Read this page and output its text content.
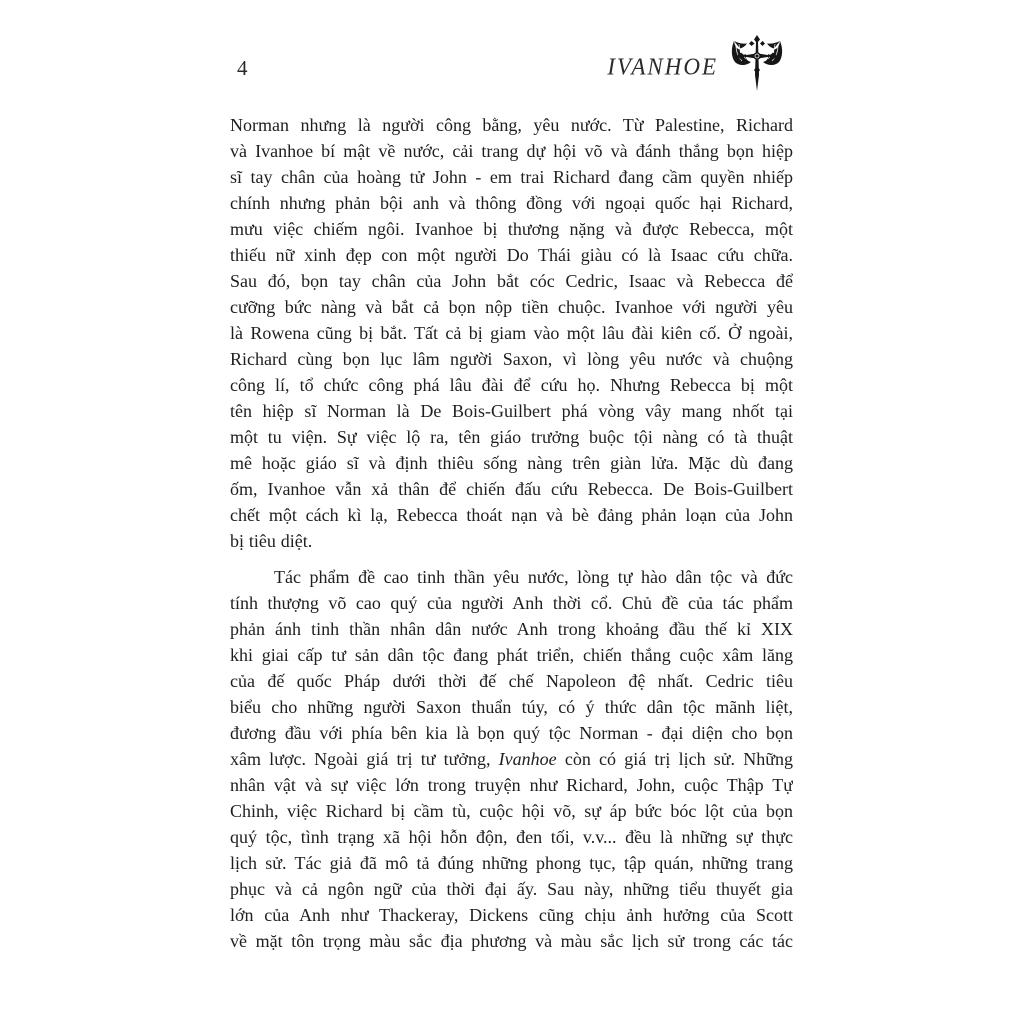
4	IVANHOE
Norman nhưng là người công bằng, yêu nước. Từ Palestine, Richard
và Ivanhoe bí mật về nước, cải trang dự hội võ và đánh thắng bọn hiệp
sĩ tay chân của hoàng tử John - em trai Richard đang cầm quyền nhiếp
chính nhưng phản bội anh và thông đồng với ngoại quốc hại Richard,
mưu việc chiếm ngôi. Ivanhoe bị thương nặng và được Rebecca, một
thiếu nữ xinh đẹp con một người Do Thái giàu có là Isaac cứu chữa.
Sau đó, bọn tay chân của John bắt cóc Cedric, Isaac và Rebecca để
cưỡng bức nàng và bắt cả bọn nộp tiền chuộc. Ivanhoe với người yêu
là Rowena cũng bị bắt. Tất cả bị giam vào một lâu đài kiên cố. Ở ngoài,
Richard cùng bọn lục lâm người Saxon, vì lòng yêu nước và chuộng
công lí, tổ chức công phá lâu đài để cứu họ. Nhưng Rebecca bị một
tên hiệp sĩ Norman là De Bois-Guilbert phá vòng vây mang nhốt tại
một tu viện. Sự việc lộ ra, tên giáo trưởng buộc tội nàng có tà thuật
mê hoặc giáo sĩ và định thiêu sống nàng trên giàn lửa. Mặc dù đang
ốm, Ivanhoe vẫn xả thân để chiến đấu cứu Rebecca. De Bois-Guilbert
chết một cách kì lạ, Rebecca thoát nạn và bè đảng phản loạn của John
bị tiêu diệt.
Tác phẩm đề cao tinh thần yêu nước, lòng tự hào dân tộc và đức
tính thượng võ cao quý của người Anh thời cổ. Chủ đề của tác phẩm
phản ánh tinh thần nhân dân nước Anh trong khoảng đầu thế kỉ XIX
khi giai cấp tư sản dân tộc đang phát triển, chiến thắng cuộc xâm lăng
của đế quốc Pháp dưới thời đế chế Napoleon đệ nhất. Cedric tiêu
biểu cho những người Saxon thuẩn túy, có ý thức dân tộc mãnh liệt,
đương đầu với phía bên kia là bọn quý tộc Norman - đại diện cho bọn
xâm lược. Ngoài giá trị tư tưởng, Ivanhoe còn có giá trị lịch sử. Những
nhân vật và sự việc lớn trong truyện như Richard, John, cuộc Thập Tự
Chinh, việc Richard bị cầm tù, cuộc hội võ, sự áp bức bóc lột của bọn
quý tộc, tình trạng xã hội hỗn độn, đen tối, v.v... đều là những sự thực
lịch sử. Tác giả đã mô tả đúng những phong tục, tập quán, những trang
phục và cả ngôn ngữ của thời đại ấy. Sau này, những tiểu thuyết gia
lớn của Anh như Thackeray, Dickens cũng chịu ảnh hưởng của Scott
về mặt tôn trọng màu sắc địa phương và màu sắc lịch sử trong các tác
